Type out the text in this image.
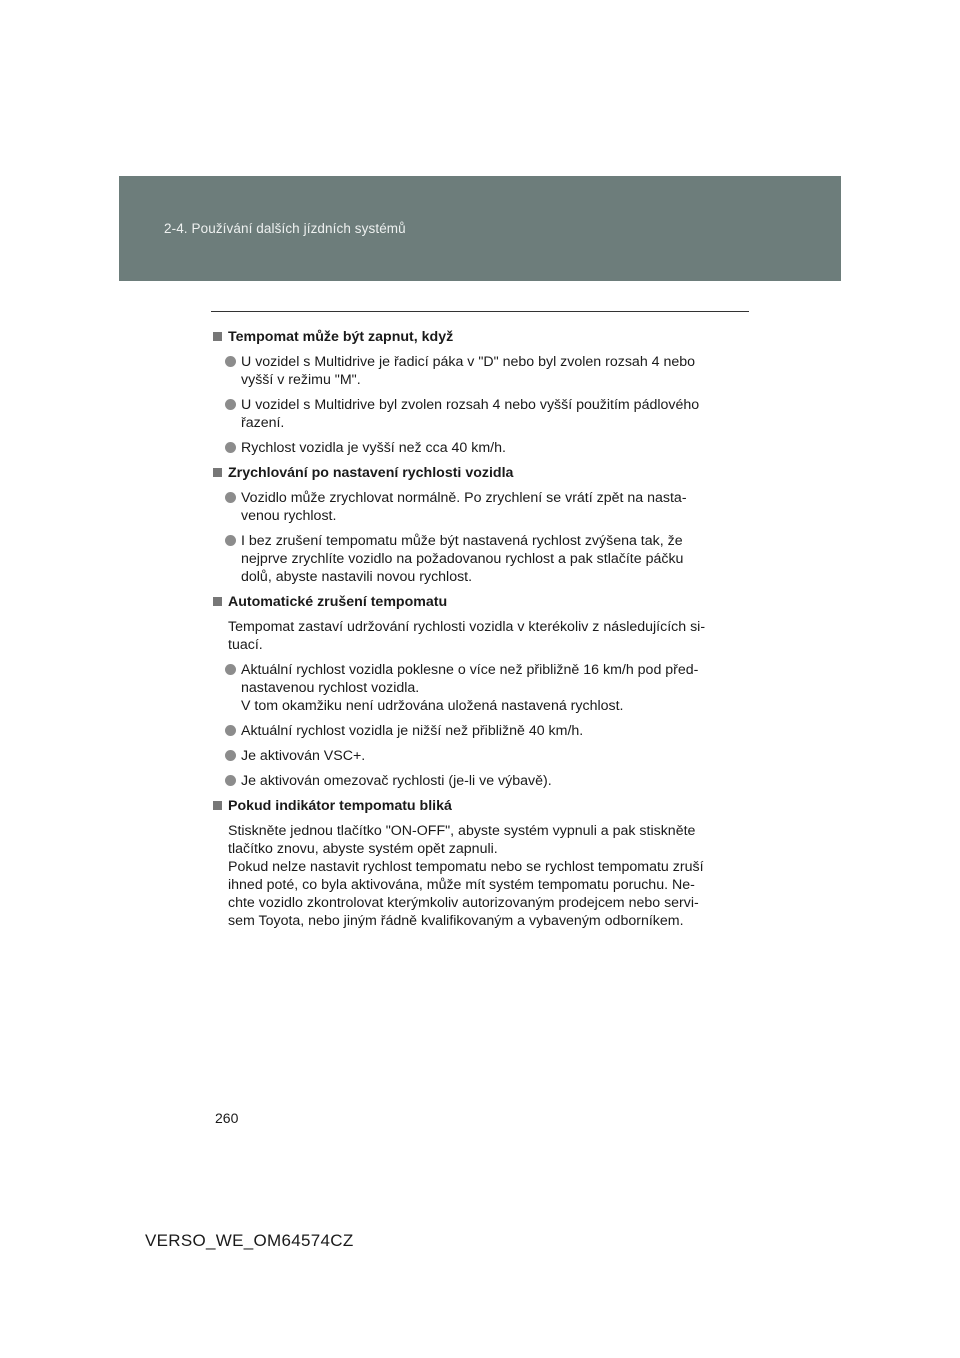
2-4. Používání dalších jízdních systémů
Tempomat může být zapnut, když
U vozidel s Multidrive je řadicí páka v "D" nebo byl zvolen rozsah 4 nebo
vyšší v režimu "M".
U vozidel s Multidrive byl zvolen rozsah 4 nebo vyšší použitím pádlového
řazení.
Rychlost vozidla je vyšší než cca 40 km/h.
Zrychlování po nastavení rychlosti vozidla
Vozidlo může zrychlovat normálně. Po zrychlení se vrátí zpět na nasta-
venou rychlost.
I bez zrušení tempomatu může být nastavená rychlost zvýšena tak, že
nejprve zrychlíte vozidlo na požadovanou rychlost a pak stlačíte páčku
dolů, abyste nastavili novou rychlost.
Automatické zrušení tempomatu
Tempomat zastaví udržování rychlosti vozidla v kterékoliv z následujících si-
tuací.
Aktuální rychlost vozidla poklesne o více než přibližně 16 km/h pod před-
nastavenou rychlost vozidla.
V tom okamžiku není udržována uložená nastavená rychlost.
Aktuální rychlost vozidla je nižší než přibližně 40 km/h.
Je aktivován VSC+.
Je aktivován omezovač rychlosti (je-li ve výbavě).
Pokud indikátor tempomatu bliká
Stiskněte jednou tlačítko "ON-OFF", abyste systém vypnuli a pak stiskněte
tlačítko znovu, abyste systém opět zapnuli.
Pokud nelze nastavit rychlost tempomatu nebo se rychlost tempomatu zruší
ihned poté, co byla aktivována, může mít systém tempomatu poruchu. Ne-
chte vozidlo zkontrolovat kterýmkoliv autorizovaným prodejcem nebo servi-
sem Toyota, nebo jiným řádně kvalifikovaným a vybaveným odborníkem.
260
VERSO_WE_OM64574CZ
